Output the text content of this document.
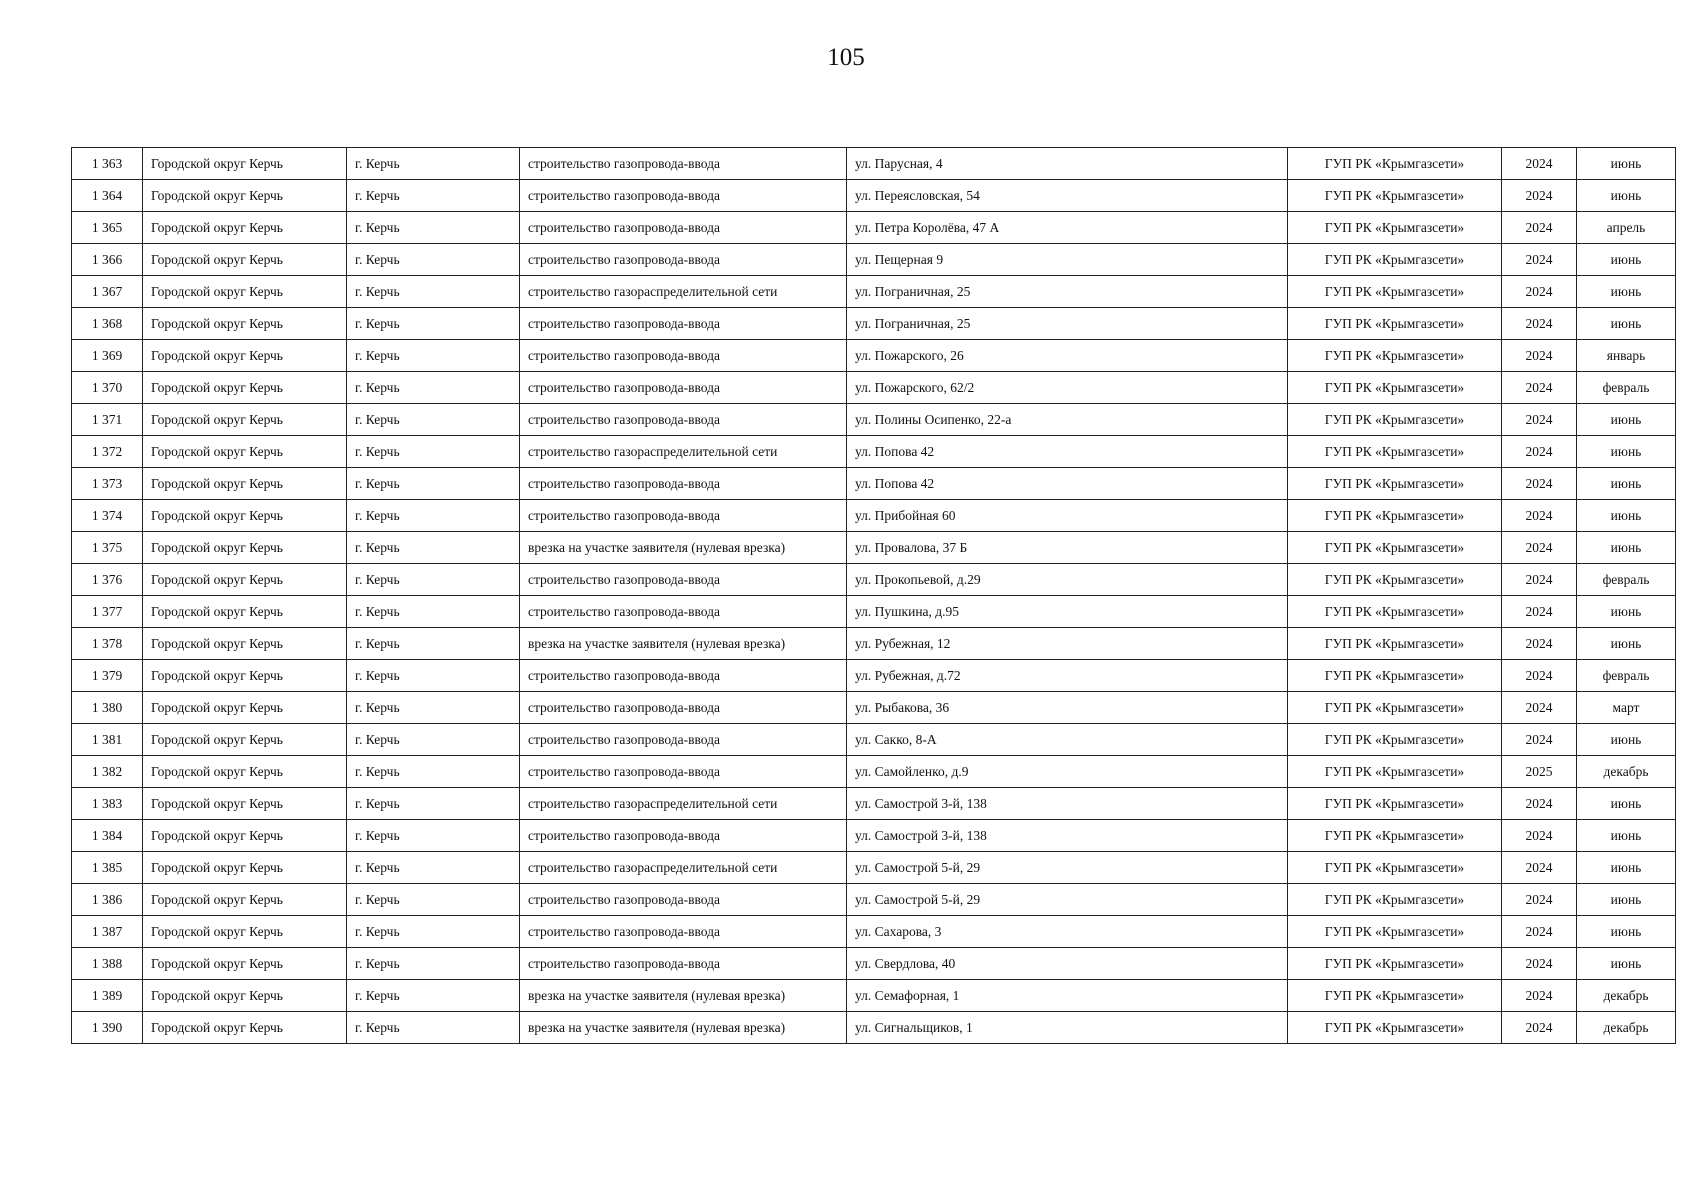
105
1 363	Городской округ Керчь	г. Керчь	строительство газопровода-ввода	ул. Парусная, 4	ГУП РК «Крымгазсети»	2024	июнь
1 364	Городской округ Керчь	г. Керчь	строительство газопровода-ввода	ул. Переясловская, 54	ГУП РК «Крымгазсети»	2024	июнь
1 365	Городской округ Керчь	г. Керчь	строительство газопровода-ввода	ул. Петра Королёва, 47 А	ГУП РК «Крымгазсети»	2024	апрель
1 366	Городской округ Керчь	г. Керчь	строительство газопровода-ввода	ул. Пещерная 9	ГУП РК «Крымгазсети»	2024	июнь
1 367	Городской округ Керчь	г. Керчь	строительство газораспределительной сети	ул. Пограничная, 25	ГУП РК «Крымгазсети»	2024	июнь
1 368	Городской округ Керчь	г. Керчь	строительство газопровода-ввода	ул. Пограничная, 25	ГУП РК «Крымгазсети»	2024	июнь
1 369	Городской округ Керчь	г. Керчь	строительство газопровода-ввода	ул. Пожарского, 26	ГУП РК «Крымгазсети»	2024	январь
1 370	Городской округ Керчь	г. Керчь	строительство газопровода-ввода	ул. Пожарского, 62/2	ГУП РК «Крымгазсети»	2024	февраль
1 371	Городской округ Керчь	г. Керчь	строительство газопровода-ввода	ул. Полины Осипенко, 22-а	ГУП РК «Крымгазсети»	2024	июнь
1 372	Городской округ Керчь	г. Керчь	строительство газораспределительной сети	ул. Попова 42	ГУП РК «Крымгазсети»	2024	июнь
1 373	Городской округ Керчь	г. Керчь	строительство газопровода-ввода	ул. Попова 42	ГУП РК «Крымгазсети»	2024	июнь
1 374	Городской округ Керчь	г. Керчь	строительство газопровода-ввода	ул. Прибойная 60	ГУП РК «Крымгазсети»	2024	июнь
1 375	Городской округ Керчь	г. Керчь	врезка на участке заявителя (нулевая врезка)	ул. Провалова, 37 Б	ГУП РК «Крымгазсети»	2024	июнь
1 376	Городской округ Керчь	г. Керчь	строительство газопровода-ввода	ул. Прокопьевой, д.29	ГУП РК «Крымгазсети»	2024	февраль
1 377	Городской округ Керчь	г. Керчь	строительство газопровода-ввода	ул. Пушкина, д.95	ГУП РК «Крымгазсети»	2024	июнь
1 378	Городской округ Керчь	г. Керчь	врезка на участке заявителя (нулевая врезка)	ул. Рубежная, 12	ГУП РК «Крымгазсети»	2024	июнь
1 379	Городской округ Керчь	г. Керчь	строительство газопровода-ввода	ул. Рубежная, д.72	ГУП РК «Крымгазсети»	2024	февраль
1 380	Городской округ Керчь	г. Керчь	строительство газопровода-ввода	ул. Рыбакова, 36	ГУП РК «Крымгазсети»	2024	март
1 381	Городской округ Керчь	г. Керчь	строительство газопровода-ввода	ул. Сакко, 8-А	ГУП РК «Крымгазсети»	2024	июнь
1 382	Городской округ Керчь	г. Керчь	строительство газопровода-ввода	ул. Самойленко, д.9	ГУП РК «Крымгазсети»	2025	декабрь
1 383	Городской округ Керчь	г. Керчь	строительство газораспределительной сети	ул. Самострой 3-й, 138	ГУП РК «Крымгазсети»	2024	июнь
1 384	Городской округ Керчь	г. Керчь	строительство газопровода-ввода	ул. Самострой 3-й, 138	ГУП РК «Крымгазсети»	2024	июнь
1 385	Городской округ Керчь	г. Керчь	строительство газораспределительной сети	ул. Самострой 5-й, 29	ГУП РК «Крымгазсети»	2024	июнь
1 386	Городской округ Керчь	г. Керчь	строительство газопровода-ввода	ул. Самострой 5-й, 29	ГУП РК «Крымгазсети»	2024	июнь
1 387	Городской округ Керчь	г. Керчь	строительство газопровода-ввода	ул. Сахарова, 3	ГУП РК «Крымгазсети»	2024	июнь
1 388	Городской округ Керчь	г. Керчь	строительство газопровода-ввода	ул. Свердлова, 40	ГУП РК «Крымгазсети»	2024	июнь
1 389	Городской округ Керчь	г. Керчь	врезка на участке заявителя (нулевая врезка)	ул. Семафорная, 1	ГУП РК «Крымгазсети»	2024	декабрь
1 390	Городской округ Керчь	г. Керчь	врезка на участке заявителя (нулевая врезка)	ул. Сигнальщиков, 1	ГУП РК «Крымгазсети»	2024	декабрь
